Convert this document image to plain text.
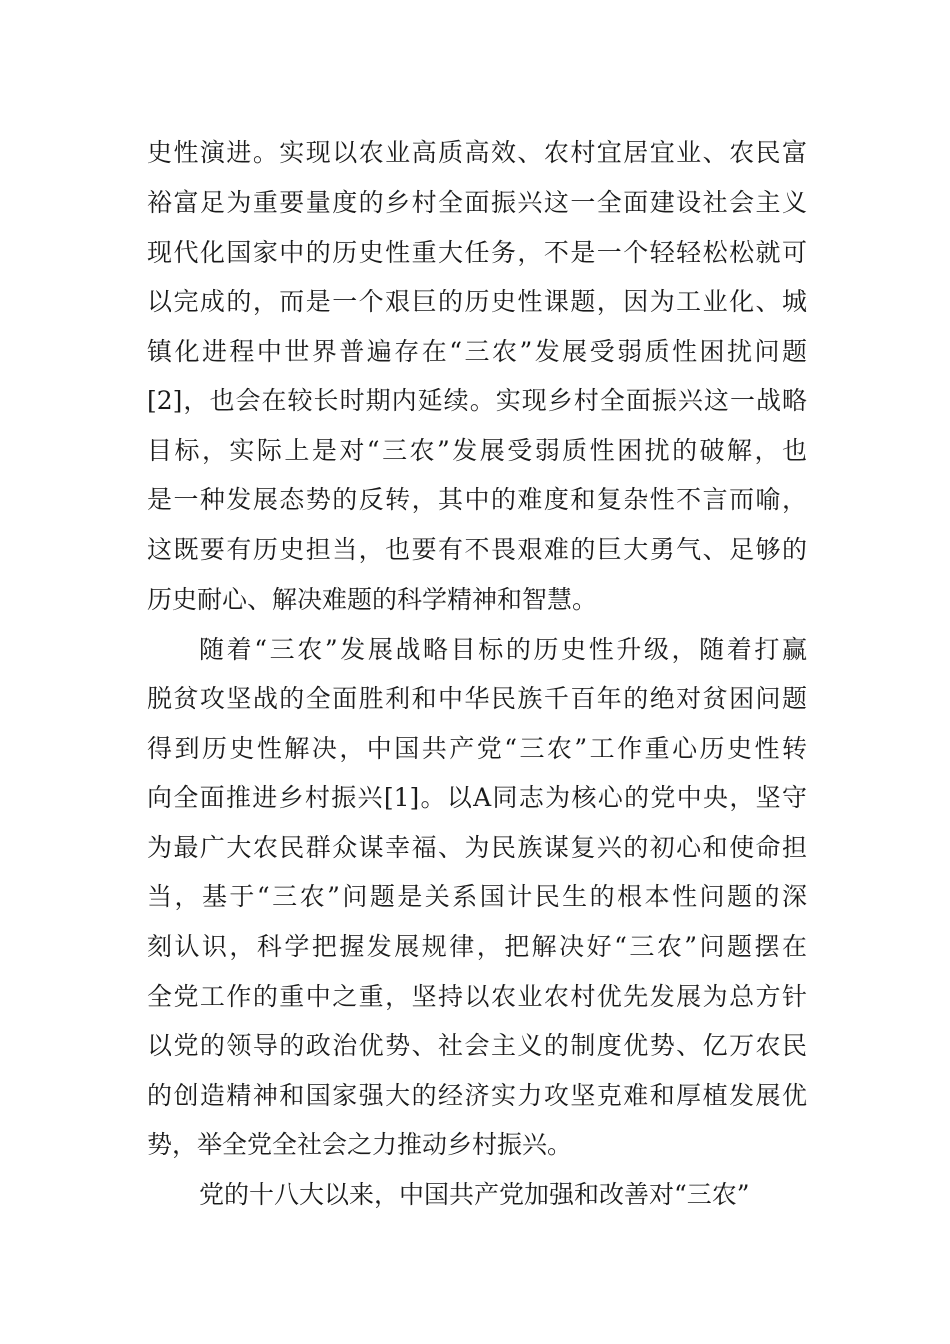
史性演进。实现以农业高质高效、农村宜居宜业、农民富
裕富足为重要量度的乡村全面振兴这一全面建设社会主义
现代化国家中的历史性重大任务，不是一个轻轻松松就可
以完成的，而是一个艰巨的历史性课题，因为工业化、城
镇化进程中世界普遍存在“三农”发展受弱质性困扰问题
[2]，也会在较长时期内延续。实现乡村全面振兴这一战略
目标，实际上是对“三农”发展受弱质性困扰的破解，也
是一种发展态势的反转，其中的难度和复杂性不言而喻，
这既要有历史担当，也要有不畏艰难的巨大勇气、足够的
历史耐心、解决难题的科学精神和智慧。
随着“三农”发展战略目标的历史性升级，随着打赢
脱贫攻坚战的全面胜利和中华民族千百年的绝对贫困问题
得到历史性解决，中国共产党“三农”工作重心历史性转
向全面推进乡村振兴[1]。以A同志为核心的党中央，坚守
为最广大农民群众谋幸福、为民族谋复兴的初心和使命担
当，基于“三农”问题是关系国计民生的根本性问题的深
刻认识，科学把握发展规律，把解决好“三农”问题摆在
全党工作的重中之重，坚持以农业农村优先发展为总方针
以党的领导的政治优势、社会主义的制度优势、亿万农民
的创造精神和国家强大的经济实力攻坚克难和厚植发展优
势，举全党全社会之力推动乡村振兴。
党的十八大以来，中国共产党加强和改善对“三农”
